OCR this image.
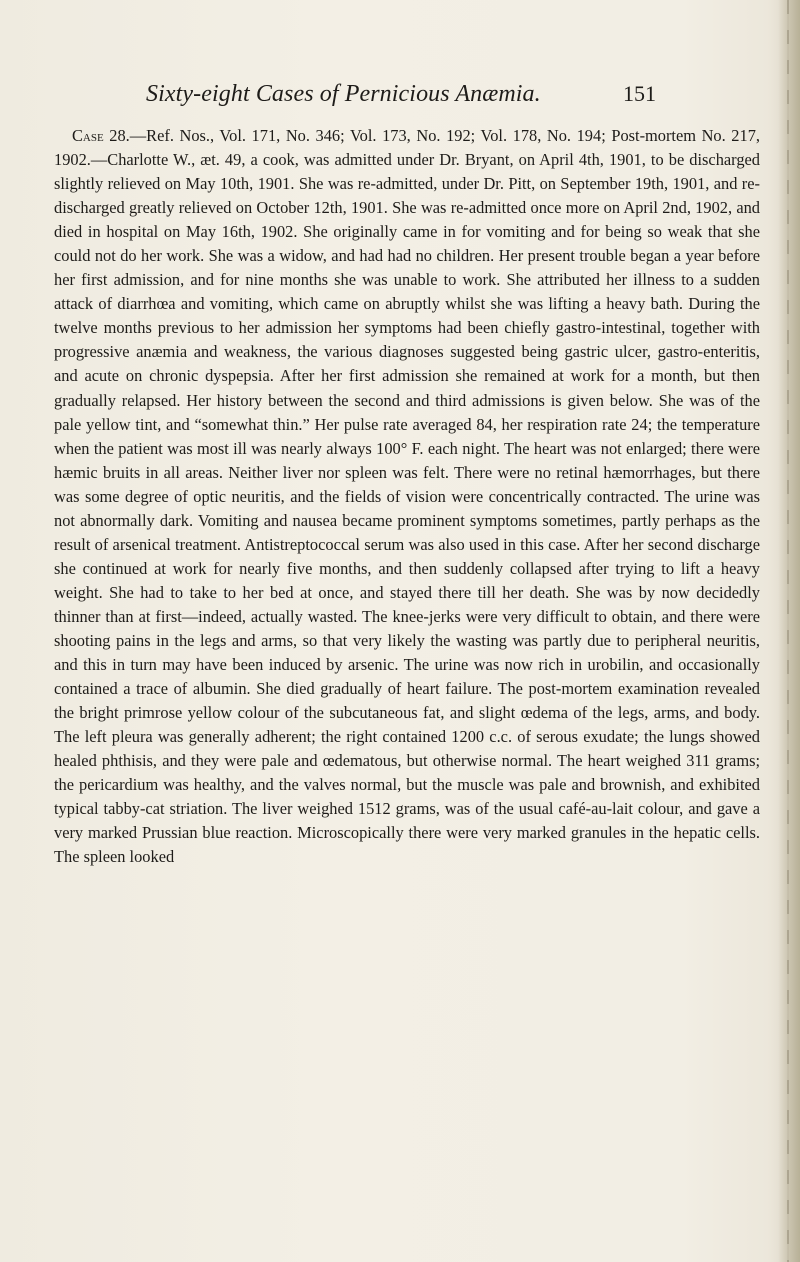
Sixty-eight Cases of Pernicious Anæmia.	151

Case 28.—Ref. Nos., Vol. 171, No. 346; Vol. 173, No. 192; Vol. 178, No. 194; Post-mortem No. 217, 1902.—Charlotte W., æt. 49, a cook, was admitted under Dr. Bryant, on April 4th, 1901, to be discharged slightly relieved on May 10th, 1901. She was re-admitted, under Dr. Pitt, on September 19th, 1901, and re-discharged greatly relieved on October 12th, 1901. She was re-admitted once more on April 2nd, 1902, and died in hospital on May 16th, 1902. She originally came in for vomiting and for being so weak that she could not do her work. She was a widow, and had had no children. Her present trouble began a year before her first admission, and for nine months she was unable to work. She attributed her illness to a sudden attack of diarrhœa and vomiting, which came on abruptly whilst she was lifting a heavy bath. During the twelve months previous to her admission her symptoms had been chiefly gastro-intestinal, together with progressive anæmia and weakness, the various diagnoses suggested being gastric ulcer, gastro-enteritis, and acute on chronic dyspepsia. After her first admission she remained at work for a month, but then gradually relapsed. Her history between the second and third admissions is given below. She was of the pale yellow tint, and “somewhat thin.” Her pulse rate averaged 84, her respiration rate 24; the temperature when the patient was most ill was nearly always 100° F. each night. The heart was not enlarged; there were hæmic bruits in all areas. Neither liver nor spleen was felt. There were no retinal hæmorrhages, but there was some degree of optic neuritis, and the fields of vision were concentrically contracted. The urine was not abnormally dark. Vomiting and nausea became prominent symptoms sometimes, partly perhaps as the result of arsenical treatment. Antistreptococcal serum was also used in this case. After her second discharge she continued at work for nearly five months, and then suddenly collapsed after trying to lift a heavy weight. She had to take to her bed at once, and stayed there till her death. She was by now decidedly thinner than at first—indeed, actually wasted. The knee-jerks were very difficult to obtain, and there were shooting pains in the legs and arms, so that very likely the wasting was partly due to peripheral neuritis, and this in turn may have been induced by arsenic. The urine was now rich in urobilin, and occasionally contained a trace of albumin. She died gradually of heart failure. The post-mortem examination revealed the bright primrose yellow colour of the subcutaneous fat, and slight œdema of the legs, arms, and body. The left pleura was generally adherent; the right contained 1200 c.c. of serous exudate; the lungs showed healed phthisis, and they were pale and œdematous, but otherwise normal. The heart weighed 311 grams; the pericardium was healthy, and the valves normal, but the muscle was pale and brownish, and exhibited typical tabby-cat striation. The liver weighed 1512 grams, was of the usual café-au-lait colour, and gave a very marked Prussian blue reaction. Microscopically there were very marked granules in the hepatic cells. The spleen looked
